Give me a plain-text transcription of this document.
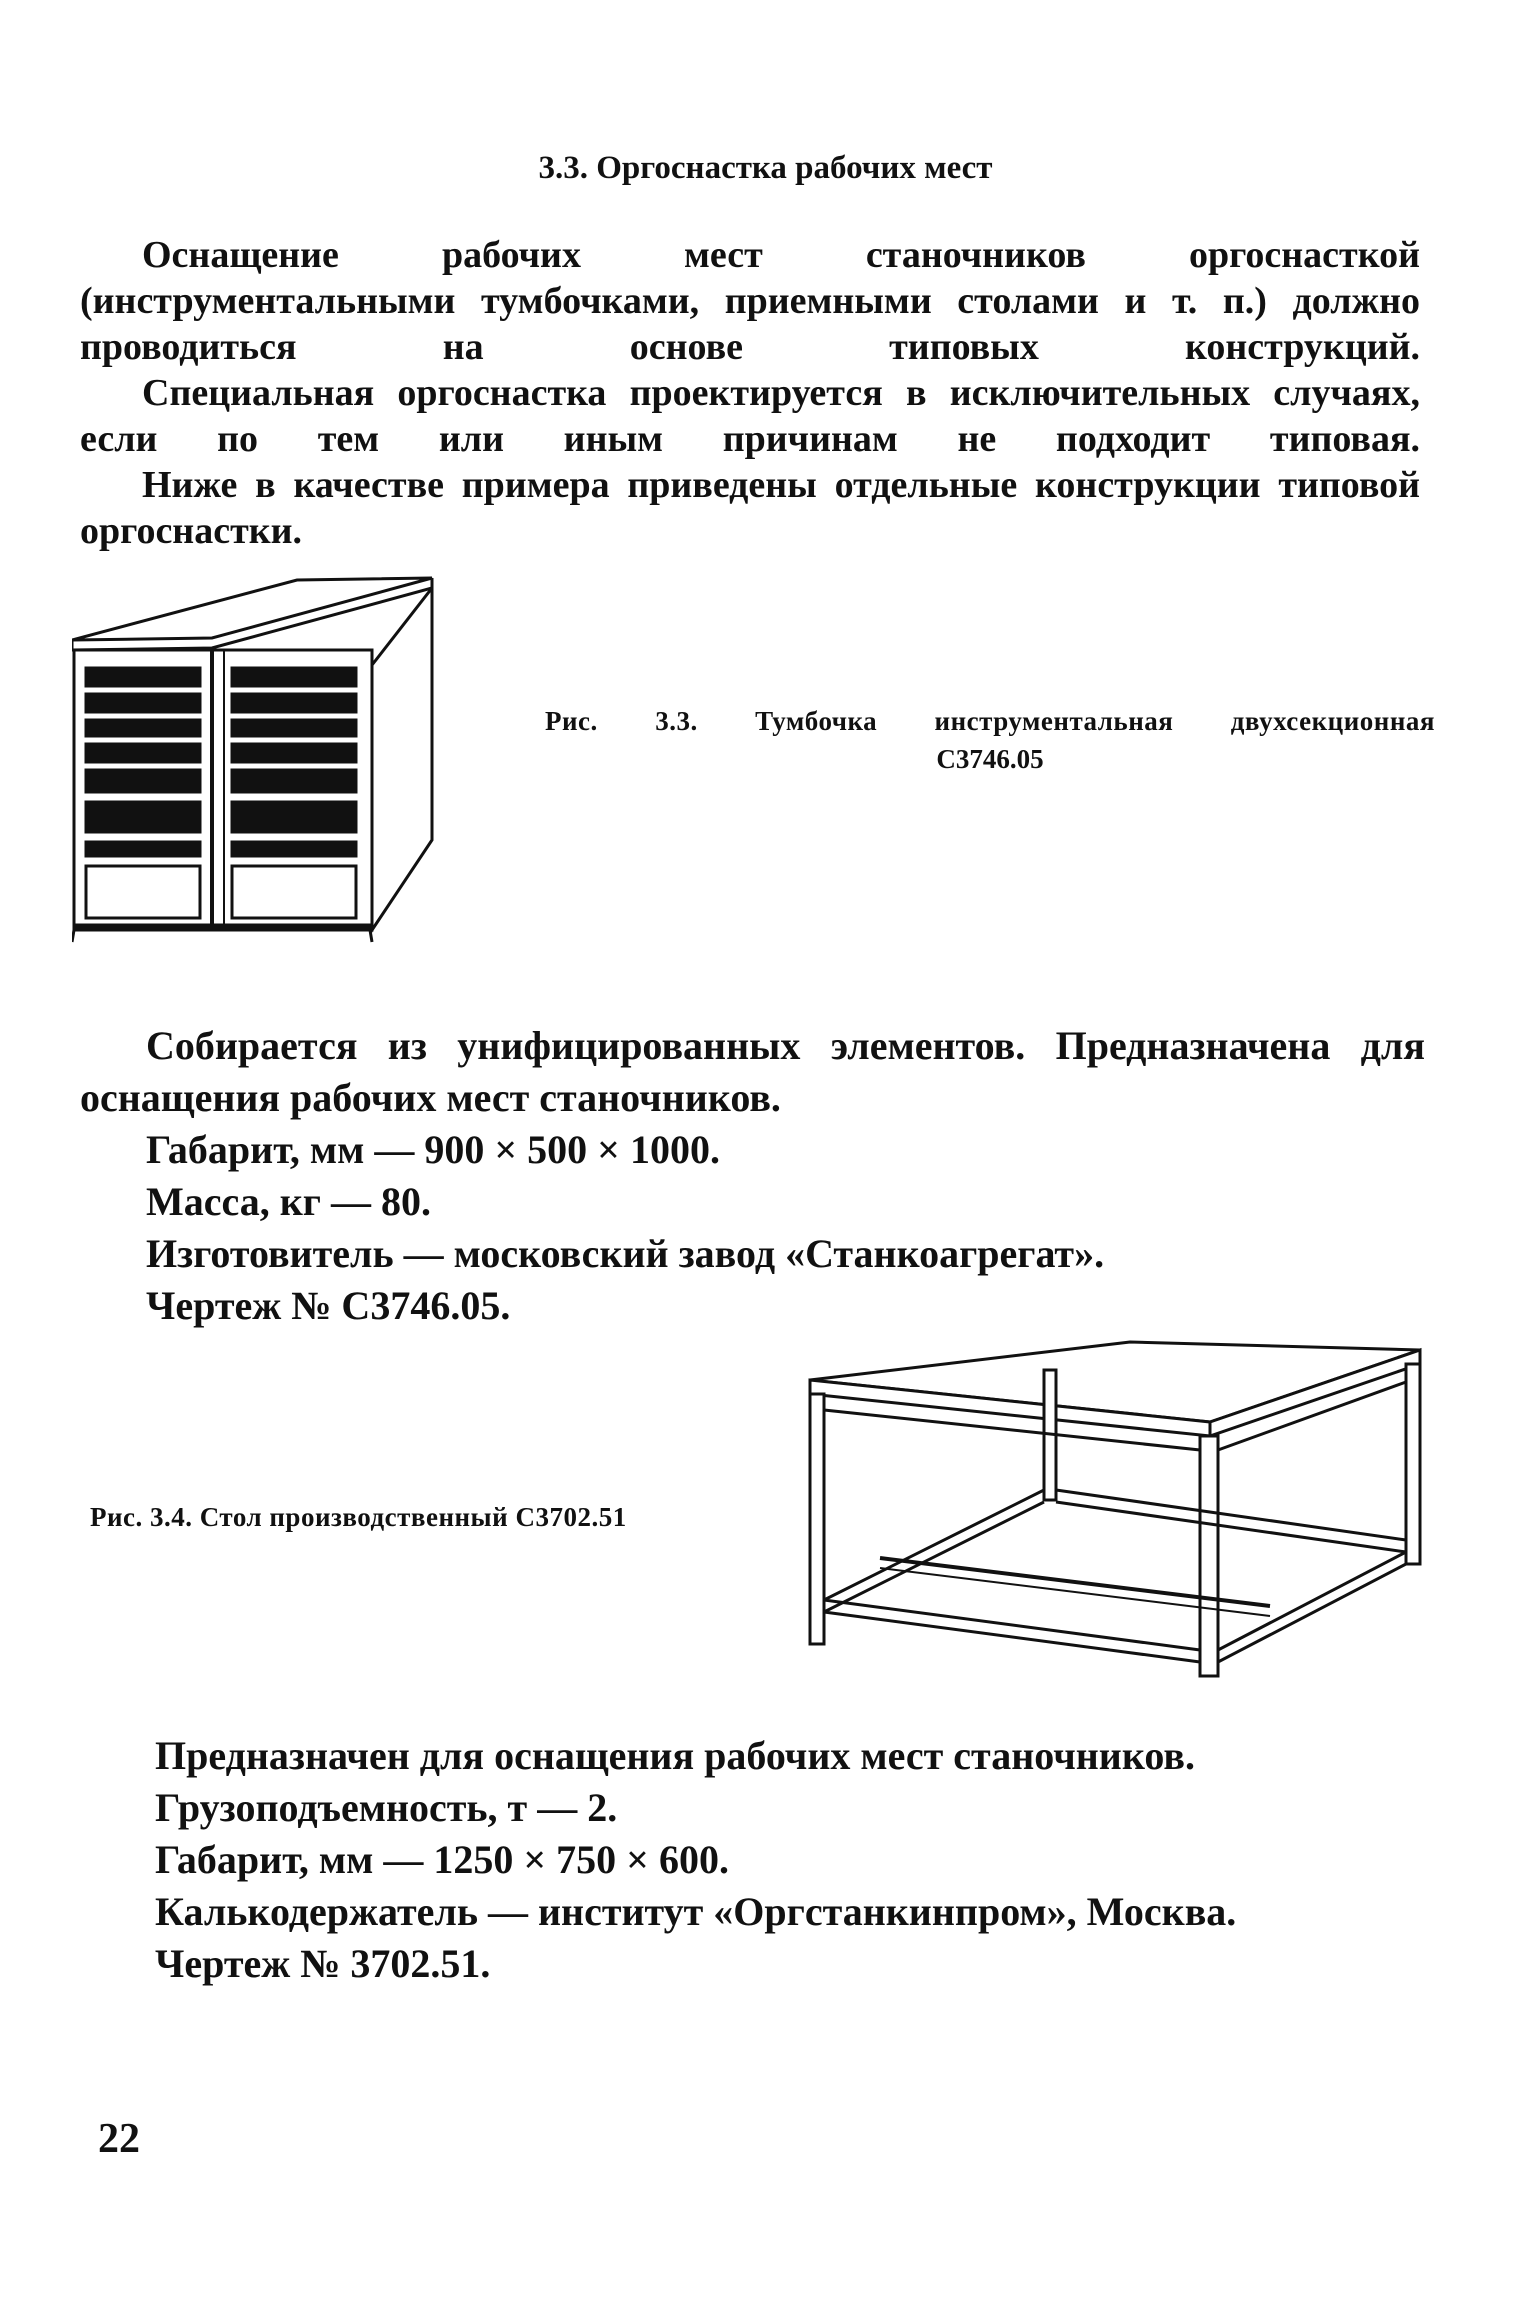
3.3. Оргоснастка рабочих мест

Оснащение рабочих мест станочников оргоснасткой (инструментальными тумбочками, приемными столами и т. п.) должно проводиться на основе типовых конструкций.

Специальная оргоснастка проектируется в исключительных случаях, если по тем или иным причинам не подходит типовая.

Ниже в качестве примера приведены отдельные конструкции типовой оргоснастки.

Рис. 3.3. Тумбочка инструментальная двухсекционная
С3746.05
Собирается из унифицированных элементов. Предназначена для оснащения рабочих мест станочников.
Габарит, мм — 900 × 500 × 1000.
Масса, кг — 80.
Изготовитель — московский завод «Станкоагрегат».
Чертеж № С3746.05.
Рис. 3.4. Стол производственный С3702.51
Предназначен для оснащения рабочих мест станочников.
Грузоподъемность, т — 2.
Габарит, мм — 1250 × 750 × 600.
Калькодержатель — институт «Оргстанкинпром», Москва.
Чертеж № 3702.51.
22
